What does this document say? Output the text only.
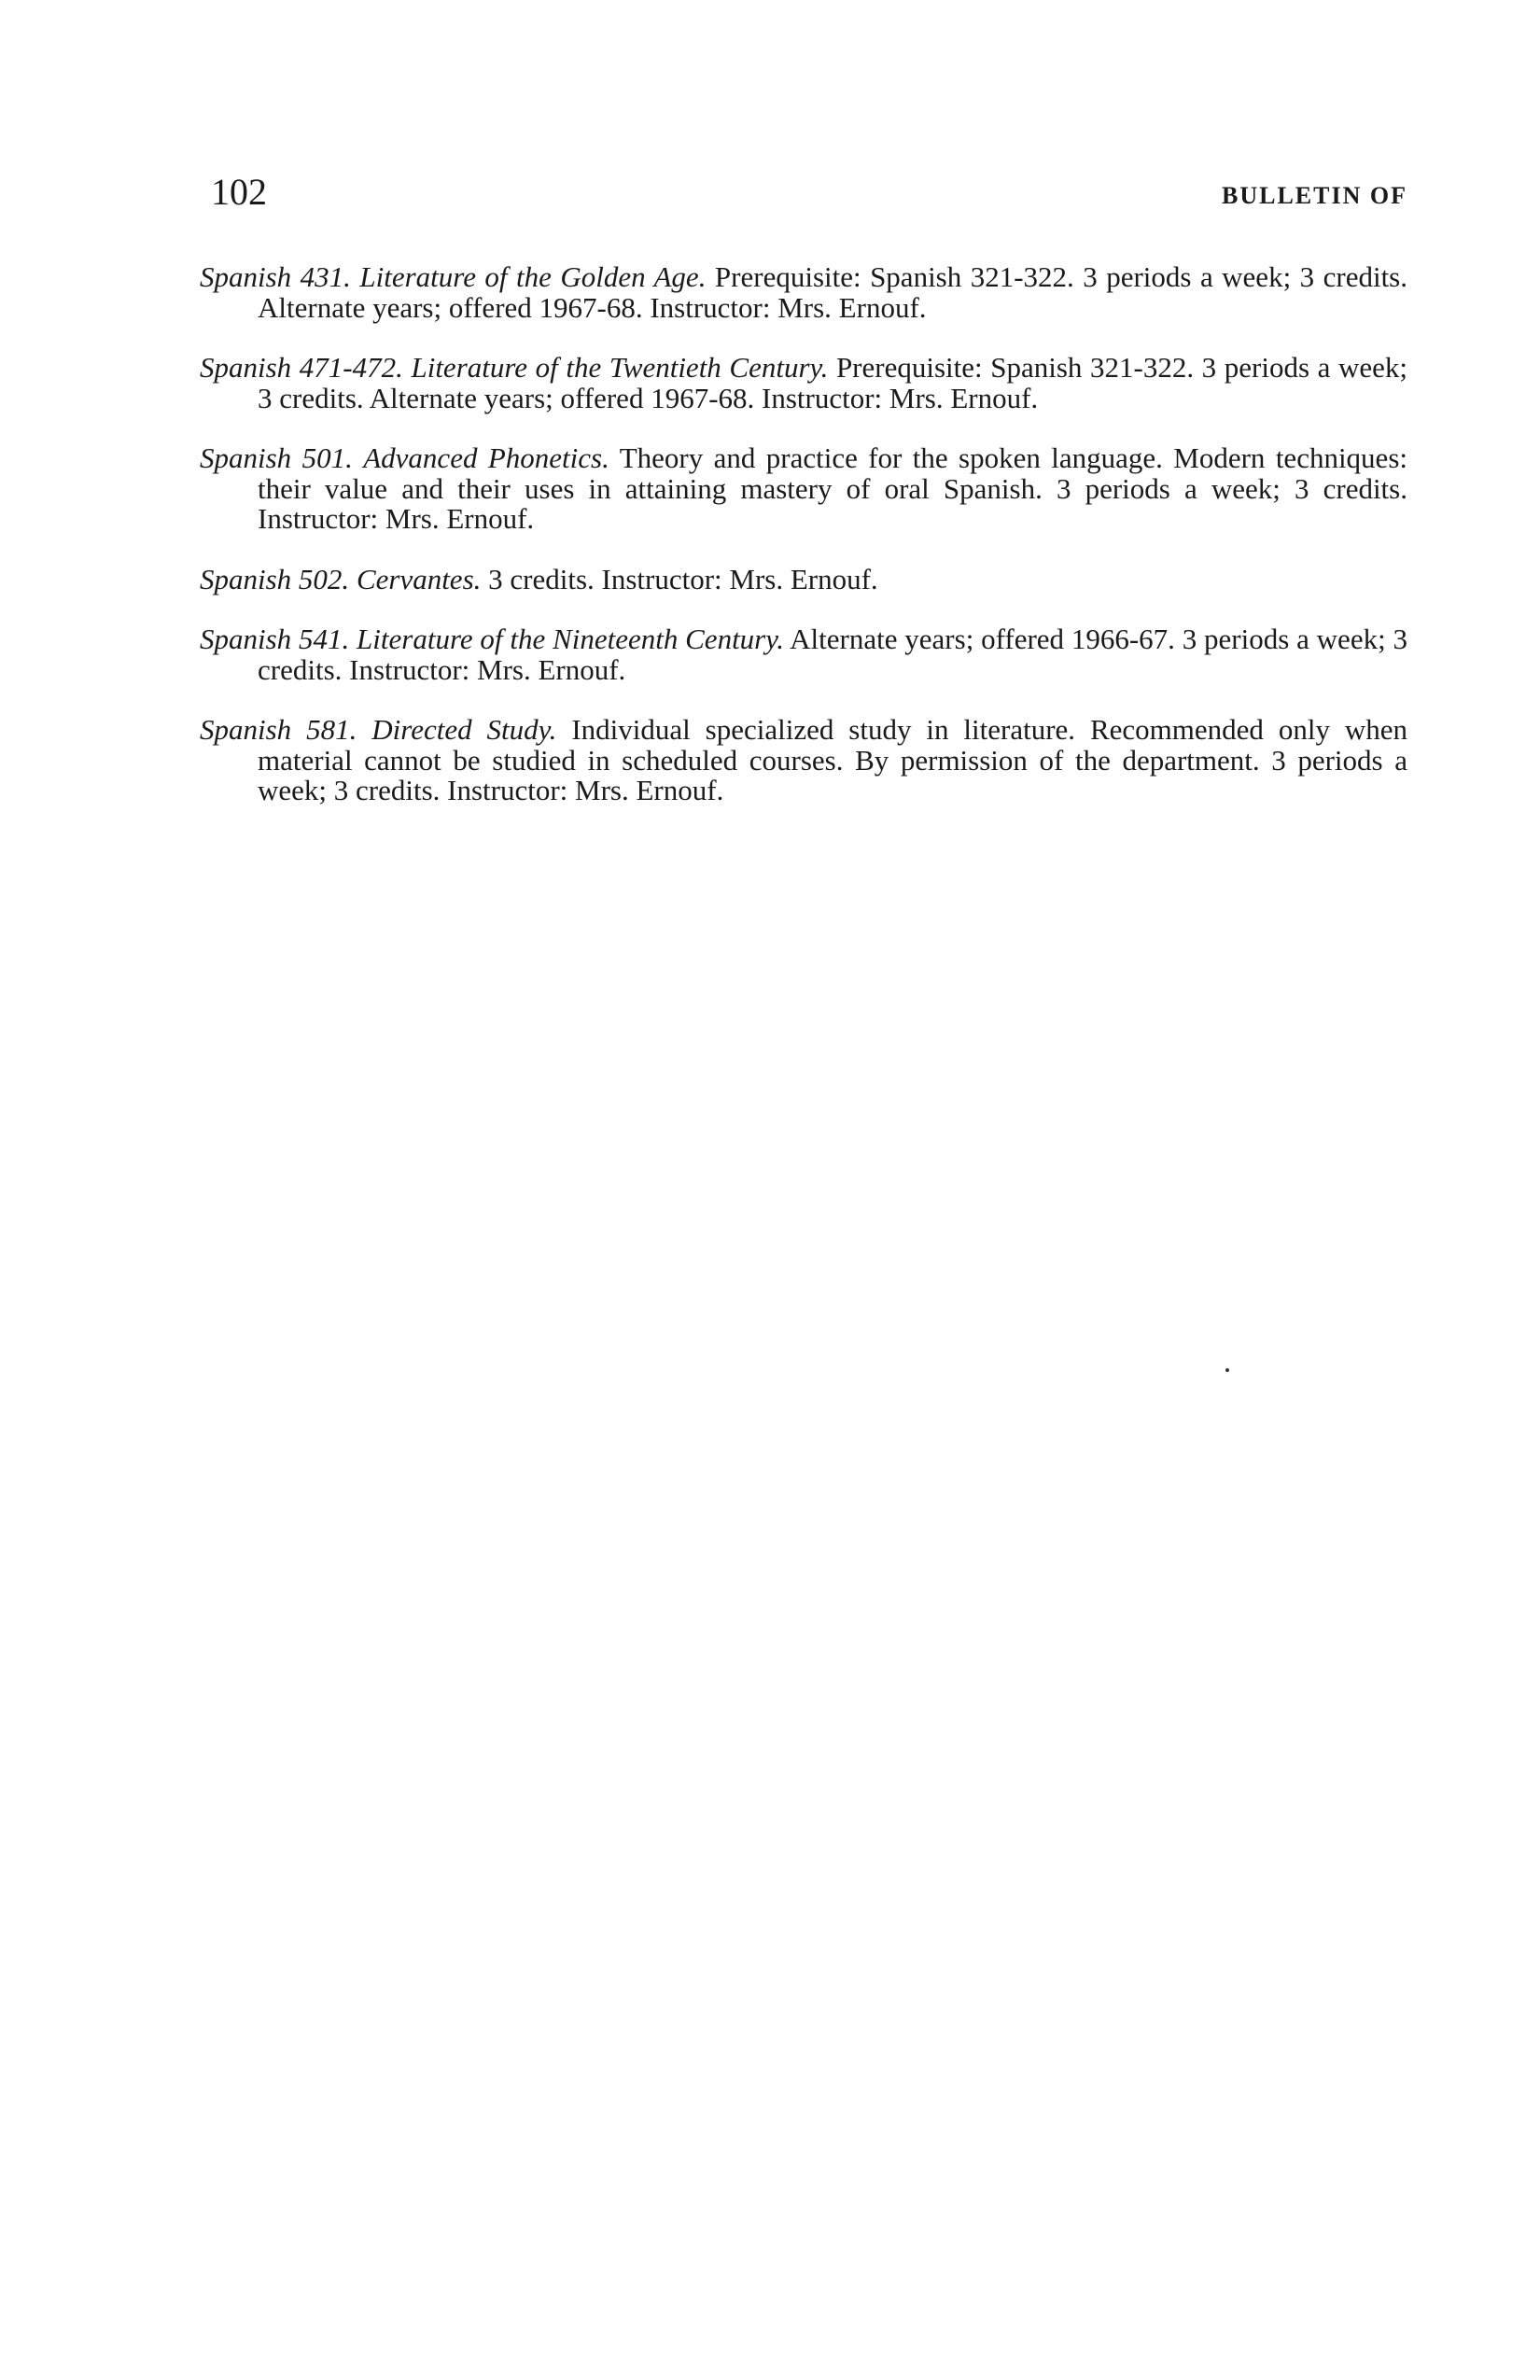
102	BULLETIN OF

Spanish 431. Literature of the Golden Age. Prerequisite: Spanish 321-322. 3 periods a week; 3 credits. Alternate years; offered 1967-68. Instructor: Mrs. Ernouf.

Spanish 471-472. Literature of the Twentieth Century. Prerequisite: Spanish 321-322. 3 periods a week; 3 credits. Alternate years; offered 1967-68. Instructor: Mrs. Ernouf.

Spanish 501. Advanced Phonetics. Theory and practice for the spoken language. Modern techniques: their value and their uses in attaining mastery of oral Spanish. 3 periods a week; 3 credits. Instructor: Mrs. Ernouf.

Spanish 502. Cervantes. 3 credits. Instructor: Mrs. Ernouf.

Spanish 541. Literature of the Nineteenth Century. Alternate years; offered 1966-67. 3 periods a week; 3 credits. Instructor: Mrs. Ernouf.

Spanish 581. Directed Study. Individual specialized study in literature. Recommended only when material cannot be studied in scheduled courses. By permission of the department. 3 periods a week; 3 credits. Instructor: Mrs. Ernouf.
